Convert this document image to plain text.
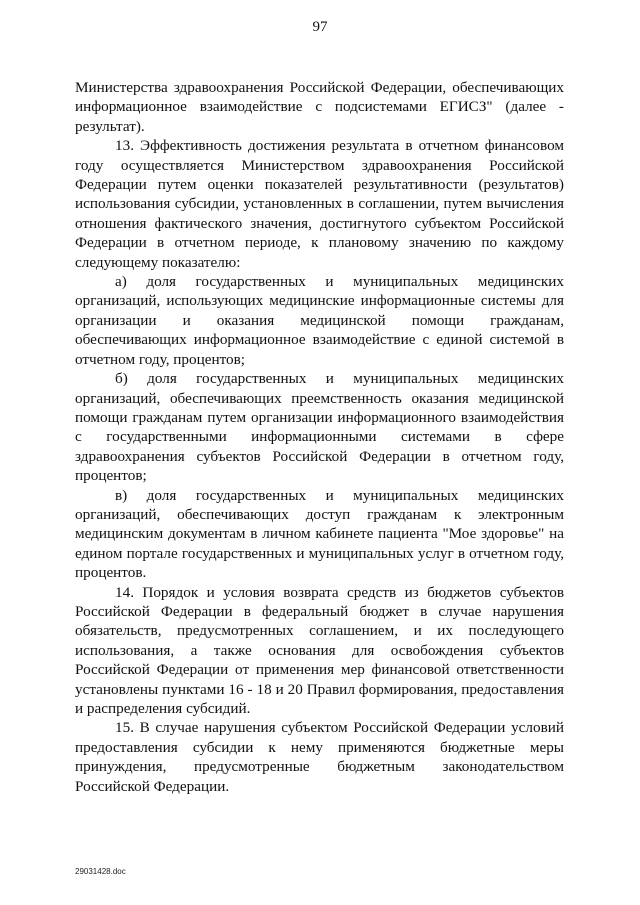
97

Министерства здравоохранения Российской Федерации, обеспечивающих информационное взаимодействие с подсистемами ЕГИСЗ" (далее - результат).

13. Эффективность достижения результата в отчетном финансовом году осуществляется Министерством здравоохранения Российской Федерации путем оценки показателей результативности (результатов) использования субсидии, установленных в соглашении, путем вычисления отношения фактического значения, достигнутого субъектом Российской Федерации в отчетном периоде, к плановому значению по каждому следующему показателю:

а) доля государственных и муниципальных медицинских организаций, использующих медицинские информационные системы для организации и оказания медицинской помощи гражданам, обеспечивающих информационное взаимодействие с единой системой в отчетном году, процентов;

б) доля государственных и муниципальных медицинских организаций, обеспечивающих преемственность оказания медицинской помощи гражданам путем организации информационного взаимодействия с государственными информационными системами в сфере здравоохранения субъектов Российской Федерации в отчетном году, процентов;

в) доля государственных и муниципальных медицинских организаций, обеспечивающих доступ гражданам к электронным медицинским документам в личном кабинете пациента "Мое здоровье" на едином портале государственных и муниципальных услуг в отчетном году, процентов.

14. Порядок и условия возврата средств из бюджетов субъектов Российской Федерации в федеральный бюджет в случае нарушения обязательств, предусмотренных соглашением, и их последующего использования, а также основания для освобождения субъектов Российской Федерации от применения мер финансовой ответственности установлены пунктами 16 - 18 и 20 Правил формирования, предоставления и распределения субсидий.

15. В случае нарушения субъектом Российской Федерации условий предоставления субсидии к нему применяются бюджетные меры принуждения, предусмотренные бюджетным законодательством Российской Федерации.

29031428.doc
